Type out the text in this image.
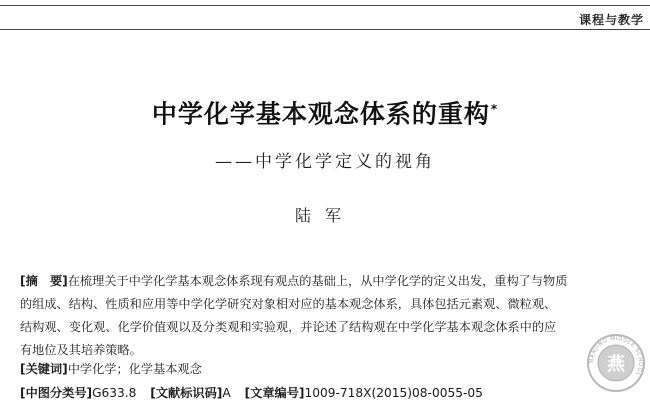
课程与教学
中学化学基本观念体系的重构*
——中学化学定义的视角
陆军
[摘　要]在梳理关于中学化学基本观念体系现有观点的基础上，从中学化学的定义出发，重构了与物质
的组成、结构、性质和应用等中学化学研究对象相对应的基本观念体系，具体包括元素观、微粒观、
结构观、变化观、化学价值观以及分类观和实验观，并论述了结构观在中学化学基本观念体系中的应
有地位及其培养策略。
[关键词]中学化学；化学基本观念
[中图分类号]G633.8 [文献标识码]A [文章编号]1009-718X(2015)08-0055-05
NANJING MIDDLE SCHOOL
燕
